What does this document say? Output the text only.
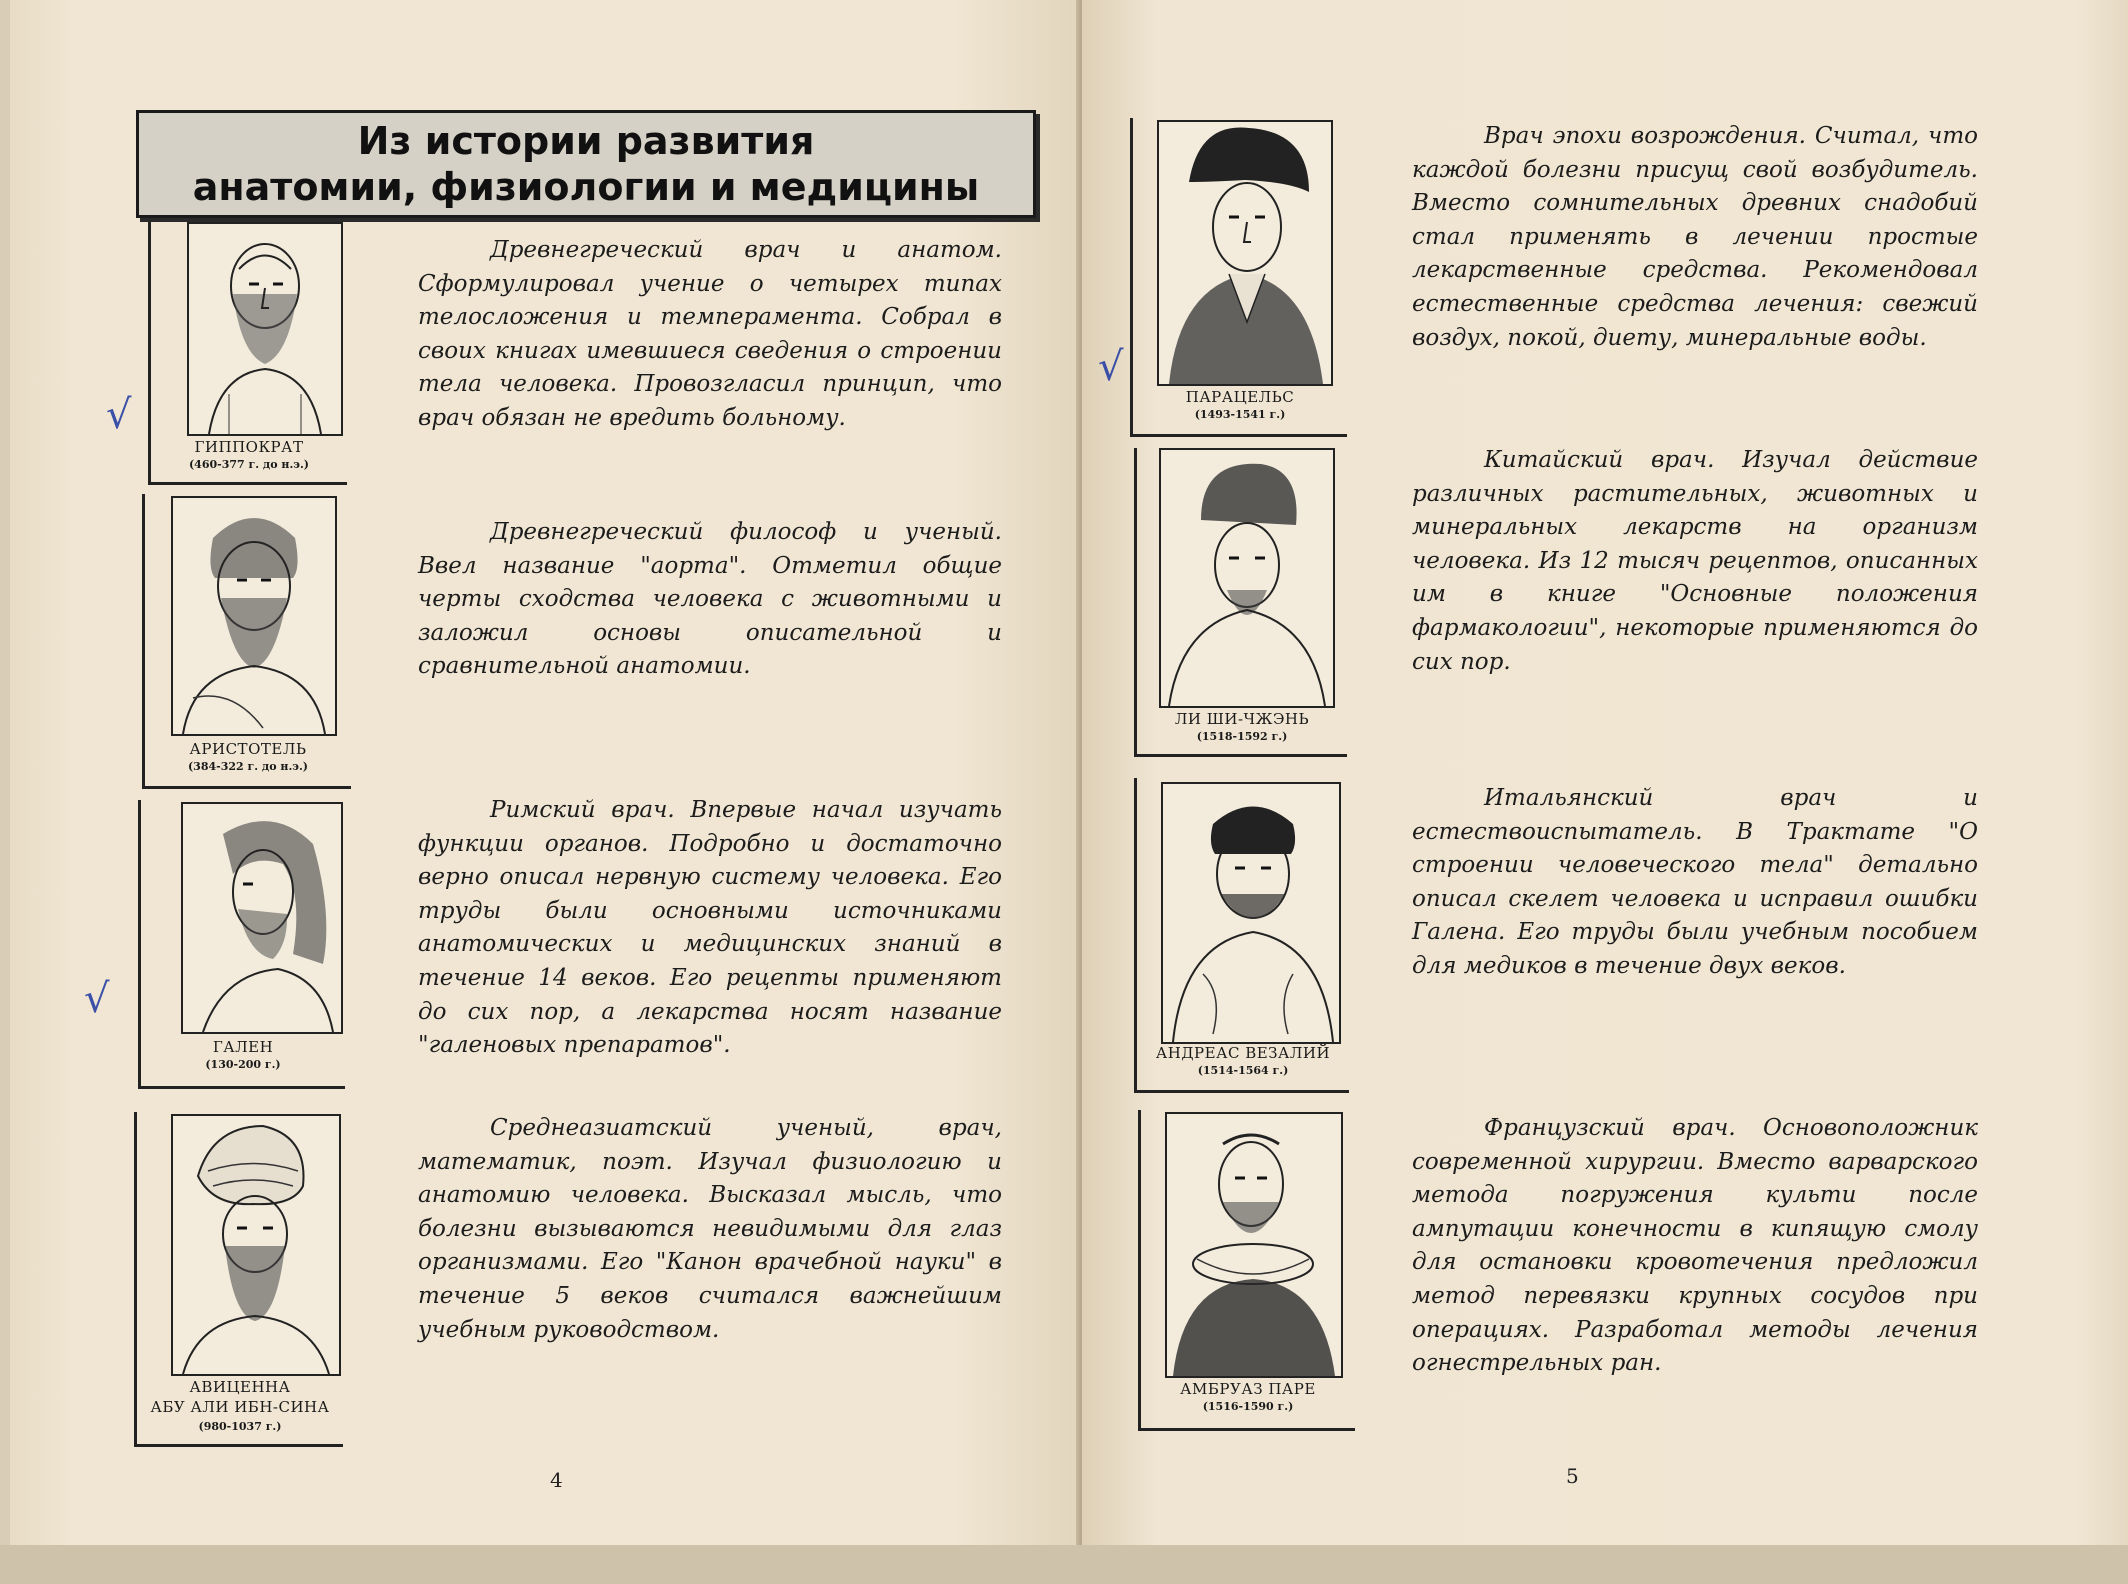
Из истории развития
анатомии, физиологии и медицины
ГИППОКРАТ
(460-377 г. до н.э.)
АРИСТОТЕЛЬ
(384-322 г. до н.э.)
ГАЛЕН
(130-200 г.)
АВИЦЕННА
АБУ АЛИ ИБН-СИНА
(980-1037 г.)
Древнегреческий врач и анатом. Сформулировал учение о четырех типах телосложения и темперамента. Собрал в своих книгах имевшиеся сведения о строении тела человека. Провозгласил принцип, что врач обязан не вредить больному.
Древнегреческий философ и ученый. Ввел название "аорта". Отметил общие черты сходства человека с животными и заложил основы описательной и сравнительной анатомии.
Римский врач. Впервые начал изучать функции органов. Подробно и достаточно верно описал нервную систему человека. Его труды были основными источниками анатомических и медицинских знаний в течение 14 веков. Его рецепты применяют до сих пор, а лекарства носят название "галеновых препаратов".
Среднеазиатский ученый, врач, математик, поэт. Изучал физиологию и анатомию человека. Высказал мысль, что болезни вызываются невидимыми для глаз организмами. Его "Канон врачебной науки" в течение 5 веков считался важнейшим учебным руководством.
4
√
√
√
ПАРАЦЕЛЬС
(1493-1541 г.)
ЛИ ШИ-ЧЖЭНЬ
(1518-1592 г.)
АНДРЕАС ВЕЗАЛИЙ
(1514-1564 г.)
АМБРУАЗ ПАРЕ
(1516-1590 г.)
Врач эпохи возрождения. Считал, что каждой болезни присущ свой возбудитель. Вместо сомнительных древних снадобий стал применять в лечении простые лекарственные средства. Рекомендовал естественные средства лечения: свежий воздух, покой, диету, минеральные воды.
Китайский врач. Изучал действие различных растительных, животных и минеральных лекарств на организм человека. Из 12 тысяч рецептов, описанных им в книге "Основные положения фармакологии", некоторые применяются до сих пор.
Итальянский врач и естествоиспытатель. В Трактате "О строении человеческого тела" детально описал скелет человека и исправил ошибки Галена. Его труды были учебным пособием для медиков в течение двух веков.
Французский врач. Основоположник современной хирургии. Вместо варварского метода погружения культи после ампутации конечности в кипящую смолу для остановки кровотечения предложил метод перевязки крупных сосудов при операциях. Разработал методы лечения огнестрельных ран.
5
